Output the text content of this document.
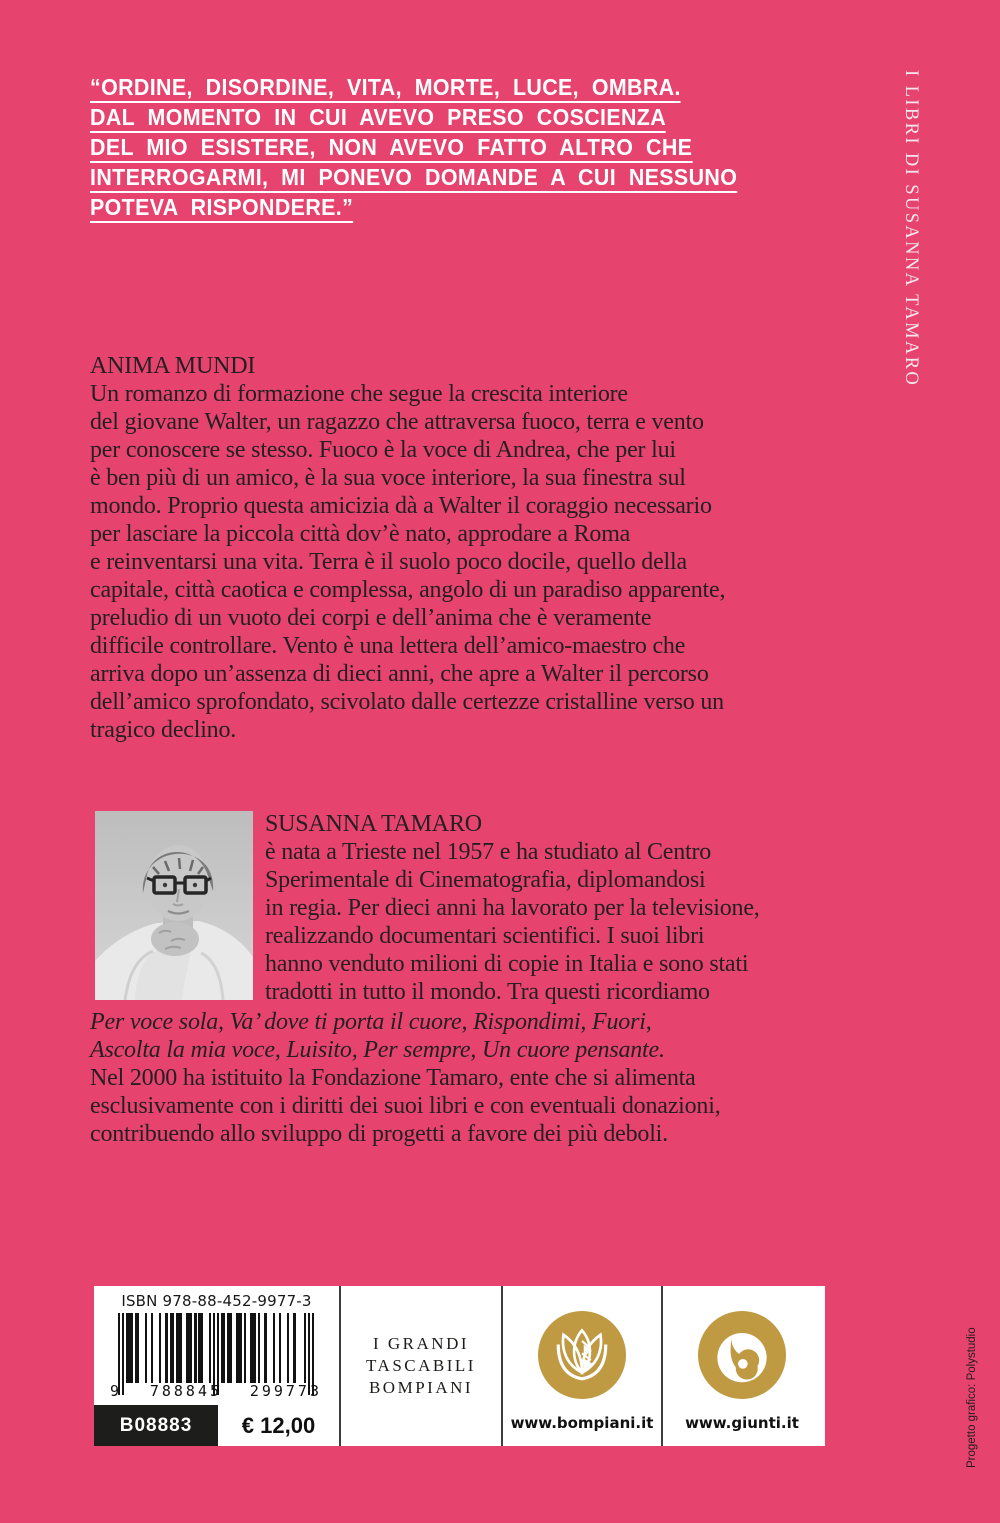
“ORDINE, DISORDINE, VITA, MORTE, LUCE, OMBRA.
DAL MOMENTO IN CUI AVEVO PRESO COSCIENZA
DEL MIO ESISTERE, NON AVEVO FATTO ALTRO CHE
INTERROGARMI, MI PONEVO DOMANDE A CUI NESSUNO
POTEVA RISPONDERE.”	I LIBRI DI SUSANNA TAMARO
ANIMA MUNDI
Un romanzo di formazione che segue la crescita interiore
del giovane Walter, un ragazzo che attraversa fuoco, terra e vento
per conoscere se stesso. Fuoco è la voce di Andrea, che per lui
è ben più di un amico, è la sua voce interiore, la sua finestra sul
mondo. Proprio questa amicizia dà a Walter il coraggio necessario
per lasciare la piccola città dov’è nato, approdare a Roma
e reinventarsi una vita. Terra è il suolo poco docile, quello della
capitale, città caotica e complessa, angolo di un paradiso apparente,
preludio di un vuoto dei corpi e dell’anima che è veramente
difficile controllare. Vento è una lettera dell’amico-maestro che
arriva dopo un’assenza di dieci anni, che apre a Walter il percorso
dell’amico sprofondato, scivolato dalle certezze cristalline verso un
tragico declino.
SUSANNA TAMARO
è nata a Trieste nel 1957 e ha studiato al Centro
Sperimentale di Cinematografia, diplomandosi
in regia. Per dieci anni ha lavorato per la televisione,
realizzando documentari scientifici. I suoi libri
hanno venduto milioni di copie in Italia e sono stati
tradotti in tutto il mondo. Tra questi ricordiamo
Per voce sola, Va’ dove ti porta il cuore, Rispondimi, Fuori,
Ascolta la mia voce, Luisito, Per sempre, Un cuore pensante.
Nel 2000 ha istituito la Fondazione Tamaro, ente che si alimenta
esclusivamente con i diritti dei suoi libri e con eventuali donazioni,
contribuendo allo sviluppo di progetti a favore dei più deboli.
ISBN 978-88-452-9977-3
9 788845 299773
B08883	€ 12,00
I GRANDI
TASCABILI
BOMPIANI
www.bompiani.it www.giunti.it	Progetto grafico: Polystudio
